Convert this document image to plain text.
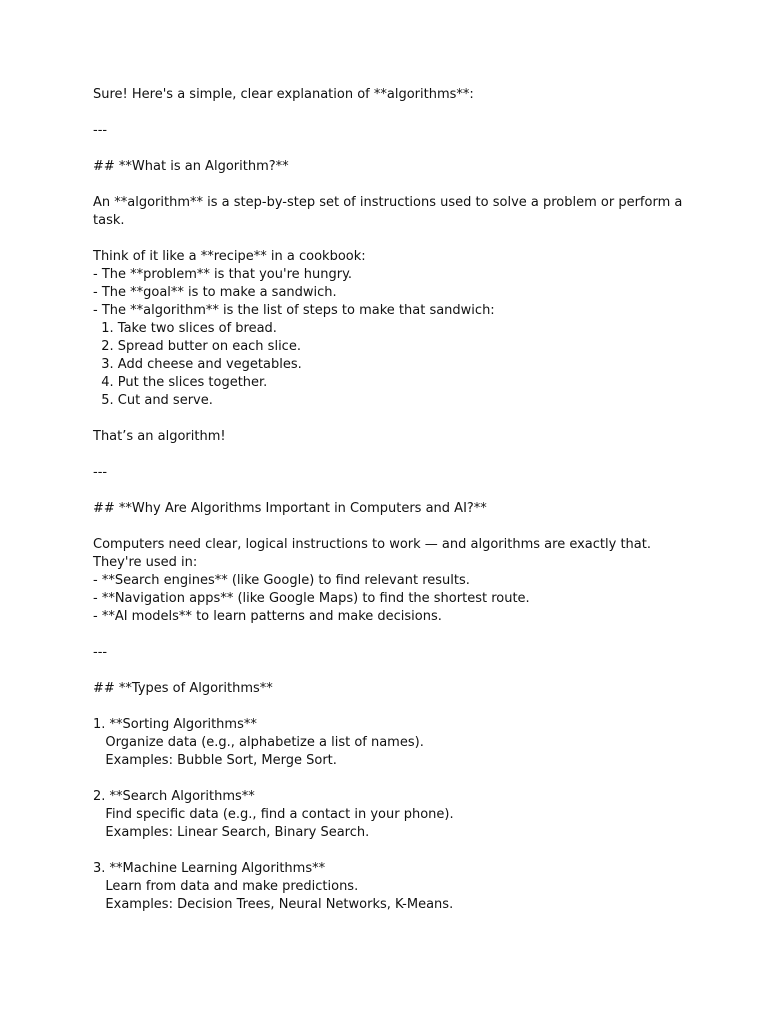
Sure! Here's a simple, clear explanation of **algorithms**:

---

## **What is an Algorithm?**

An **algorithm** is a step-by-step set of instructions used to solve a problem or perform a task.

Think of it like a **recipe** in a cookbook:

- The **problem** is that you're hungry.

- The **goal** is to make a sandwich.

- The **algorithm** is the list of steps to make that sandwich:

1. Take two slices of bread.

2. Spread butter on each slice.

3. Add cheese and vegetables.

4. Put the slices together.

5. Cut and serve.

That’s an algorithm!

---

## **Why Are Algorithms Important in Computers and AI?**

Computers need clear, logical instructions to work — and algorithms are exactly that.

They're used in:

- **Search engines** (like Google) to find relevant results.

- **Navigation apps** (like Google Maps) to find the shortest route.

- **AI models** to learn patterns and make decisions.

---

## **Types of Algorithms**

1. **Sorting Algorithms**

Organize data (e.g., alphabetize a list of names).

Examples: Bubble Sort, Merge Sort.

2. **Search Algorithms**

Find specific data (e.g., find a contact in your phone).

Examples: Linear Search, Binary Search.

3. **Machine Learning Algorithms**

Learn from data and make predictions.

Examples: Decision Trees, Neural Networks, K-Means.
